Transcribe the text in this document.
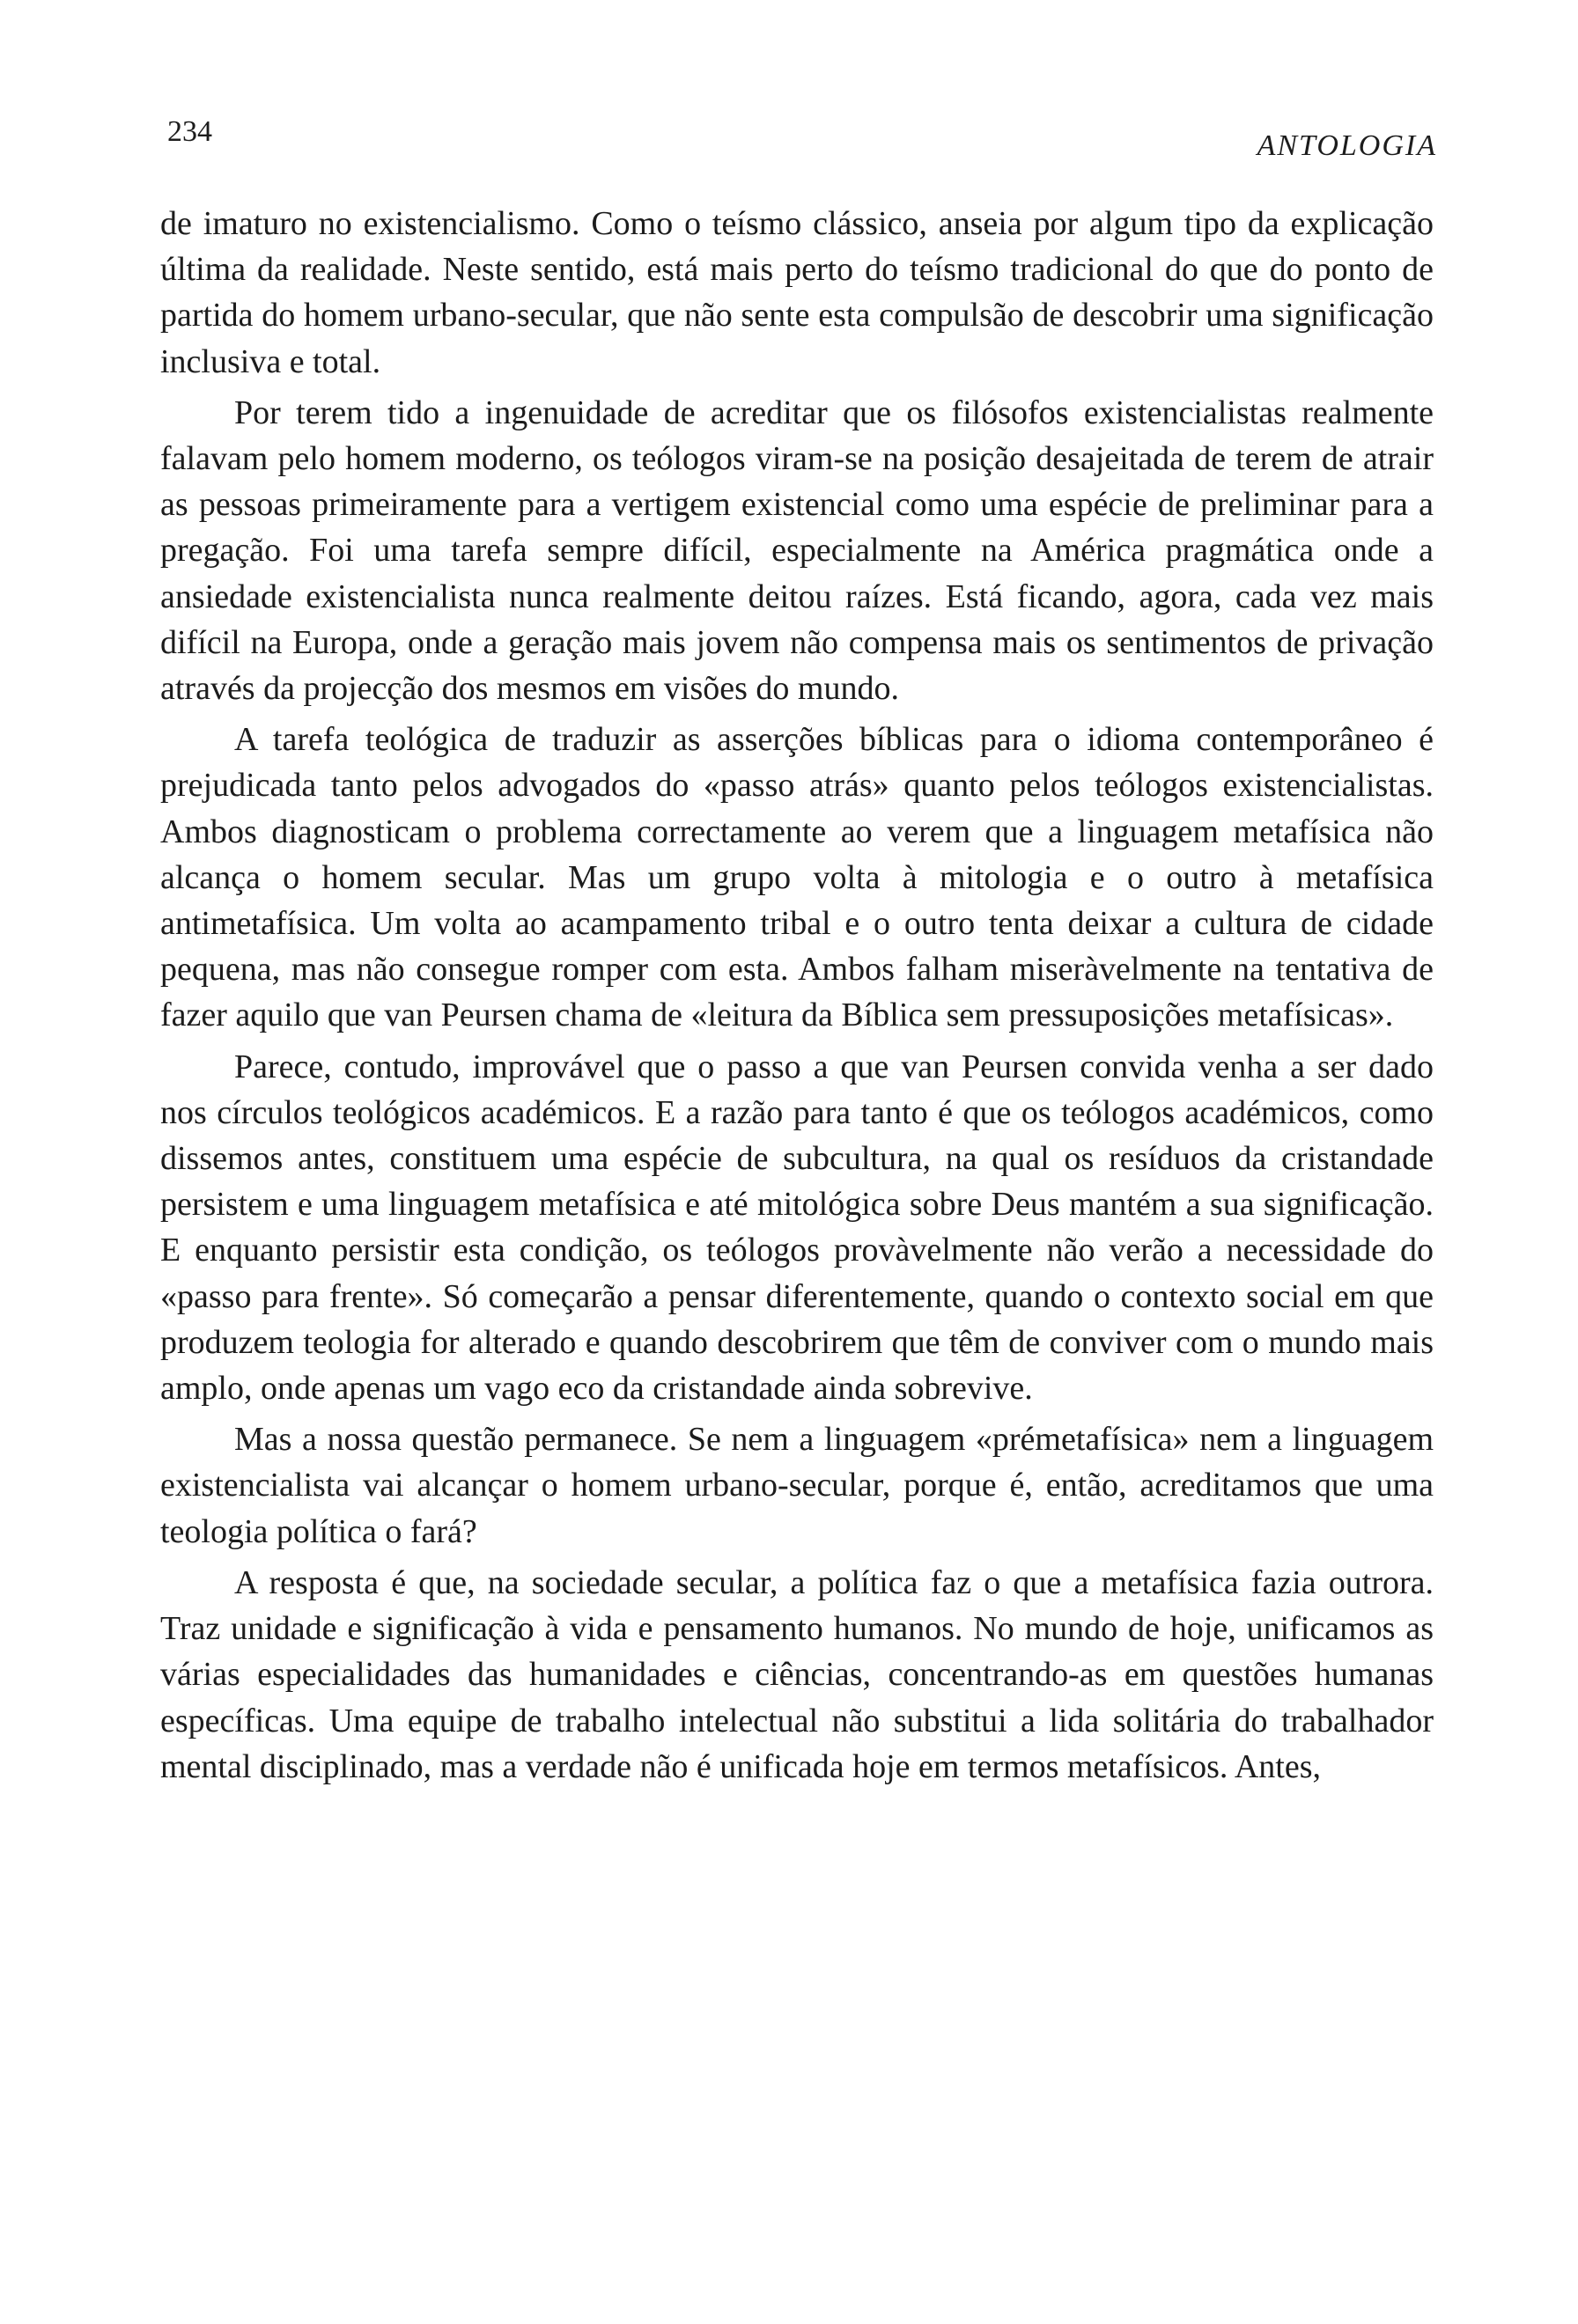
234	ANTOLOGIA

de imaturo no existencialismo. Como o teísmo clássico, anseia por algum tipo da explicação última da realidade. Neste sentido, está mais perto do teísmo tradicional do que do ponto de partida do homem urbano-secular, que não sente esta compulsão de descobrir uma significação inclusiva e total.

Por terem tido a ingenuidade de acreditar que os filósofos existencialistas realmente falavam pelo homem moderno, os teólogos viram-se na posição desajeitada de terem de atrair as pessoas primeiramente para a vertigem existencial como uma espécie de preliminar para a pregação. Foi uma tarefa sempre difícil, especialmente na América pragmática onde a ansiedade existencialista nunca realmente deitou raízes. Está ficando, agora, cada vez mais difícil na Europa, onde a geração mais jovem não compensa mais os sentimentos de privação através da projecção dos mesmos em visões do mundo.

A tarefa teológica de traduzir as asserções bíblicas para o idioma contemporâneo é prejudicada tanto pelos advogados do «passo atrás» quanto pelos teólogos existencialistas. Ambos diagnosticam o problema correctamente ao verem que a linguagem metafísica não alcança o homem secular. Mas um grupo volta à mitologia e o outro à metafísica antimetafísica. Um volta ao acampamento tribal e o outro tenta deixar a cultura de cidade pequena, mas não consegue romper com esta. Ambos falham miseràvelmente na tentativa de fazer aquilo que van Peursen chama de «leitura da Bíblica sem pressuposições metafísicas».

Parece, contudo, improvável que o passo a que van Peursen convida venha a ser dado nos círculos teológicos académicos. E a razão para tanto é que os teólogos académicos, como dissemos antes, constituem uma espécie de subcultura, na qual os resíduos da cristandade persistem e uma linguagem metafísica e até mitológica sobre Deus mantém a sua significação. E enquanto persistir esta condição, os teólogos provàvelmente não verão a necessidade do «passo para frente». Só começarão a pensar diferentemente, quando o contexto social em que produzem teologia for alterado e quando descobrirem que têm de conviver com o mundo mais amplo, onde apenas um vago eco da cristandade ainda sobrevive.

Mas a nossa questão permanece. Se nem a linguagem «prémetafísica» nem a linguagem existencialista vai alcançar o homem urbano-secular, porque é, então, acreditamos que uma teologia política o fará?

A resposta é que, na sociedade secular, a política faz o que a metafísica fazia outrora. Traz unidade e significação à vida e pensamento humanos. No mundo de hoje, unificamos as várias especialidades das humanidades e ciências, concentrando-as em questões humanas específicas. Uma equipe de trabalho intelectual não substitui a lida solitária do trabalhador mental disciplinado, mas a verdade não é unificada hoje em termos metafísicos. Antes,
